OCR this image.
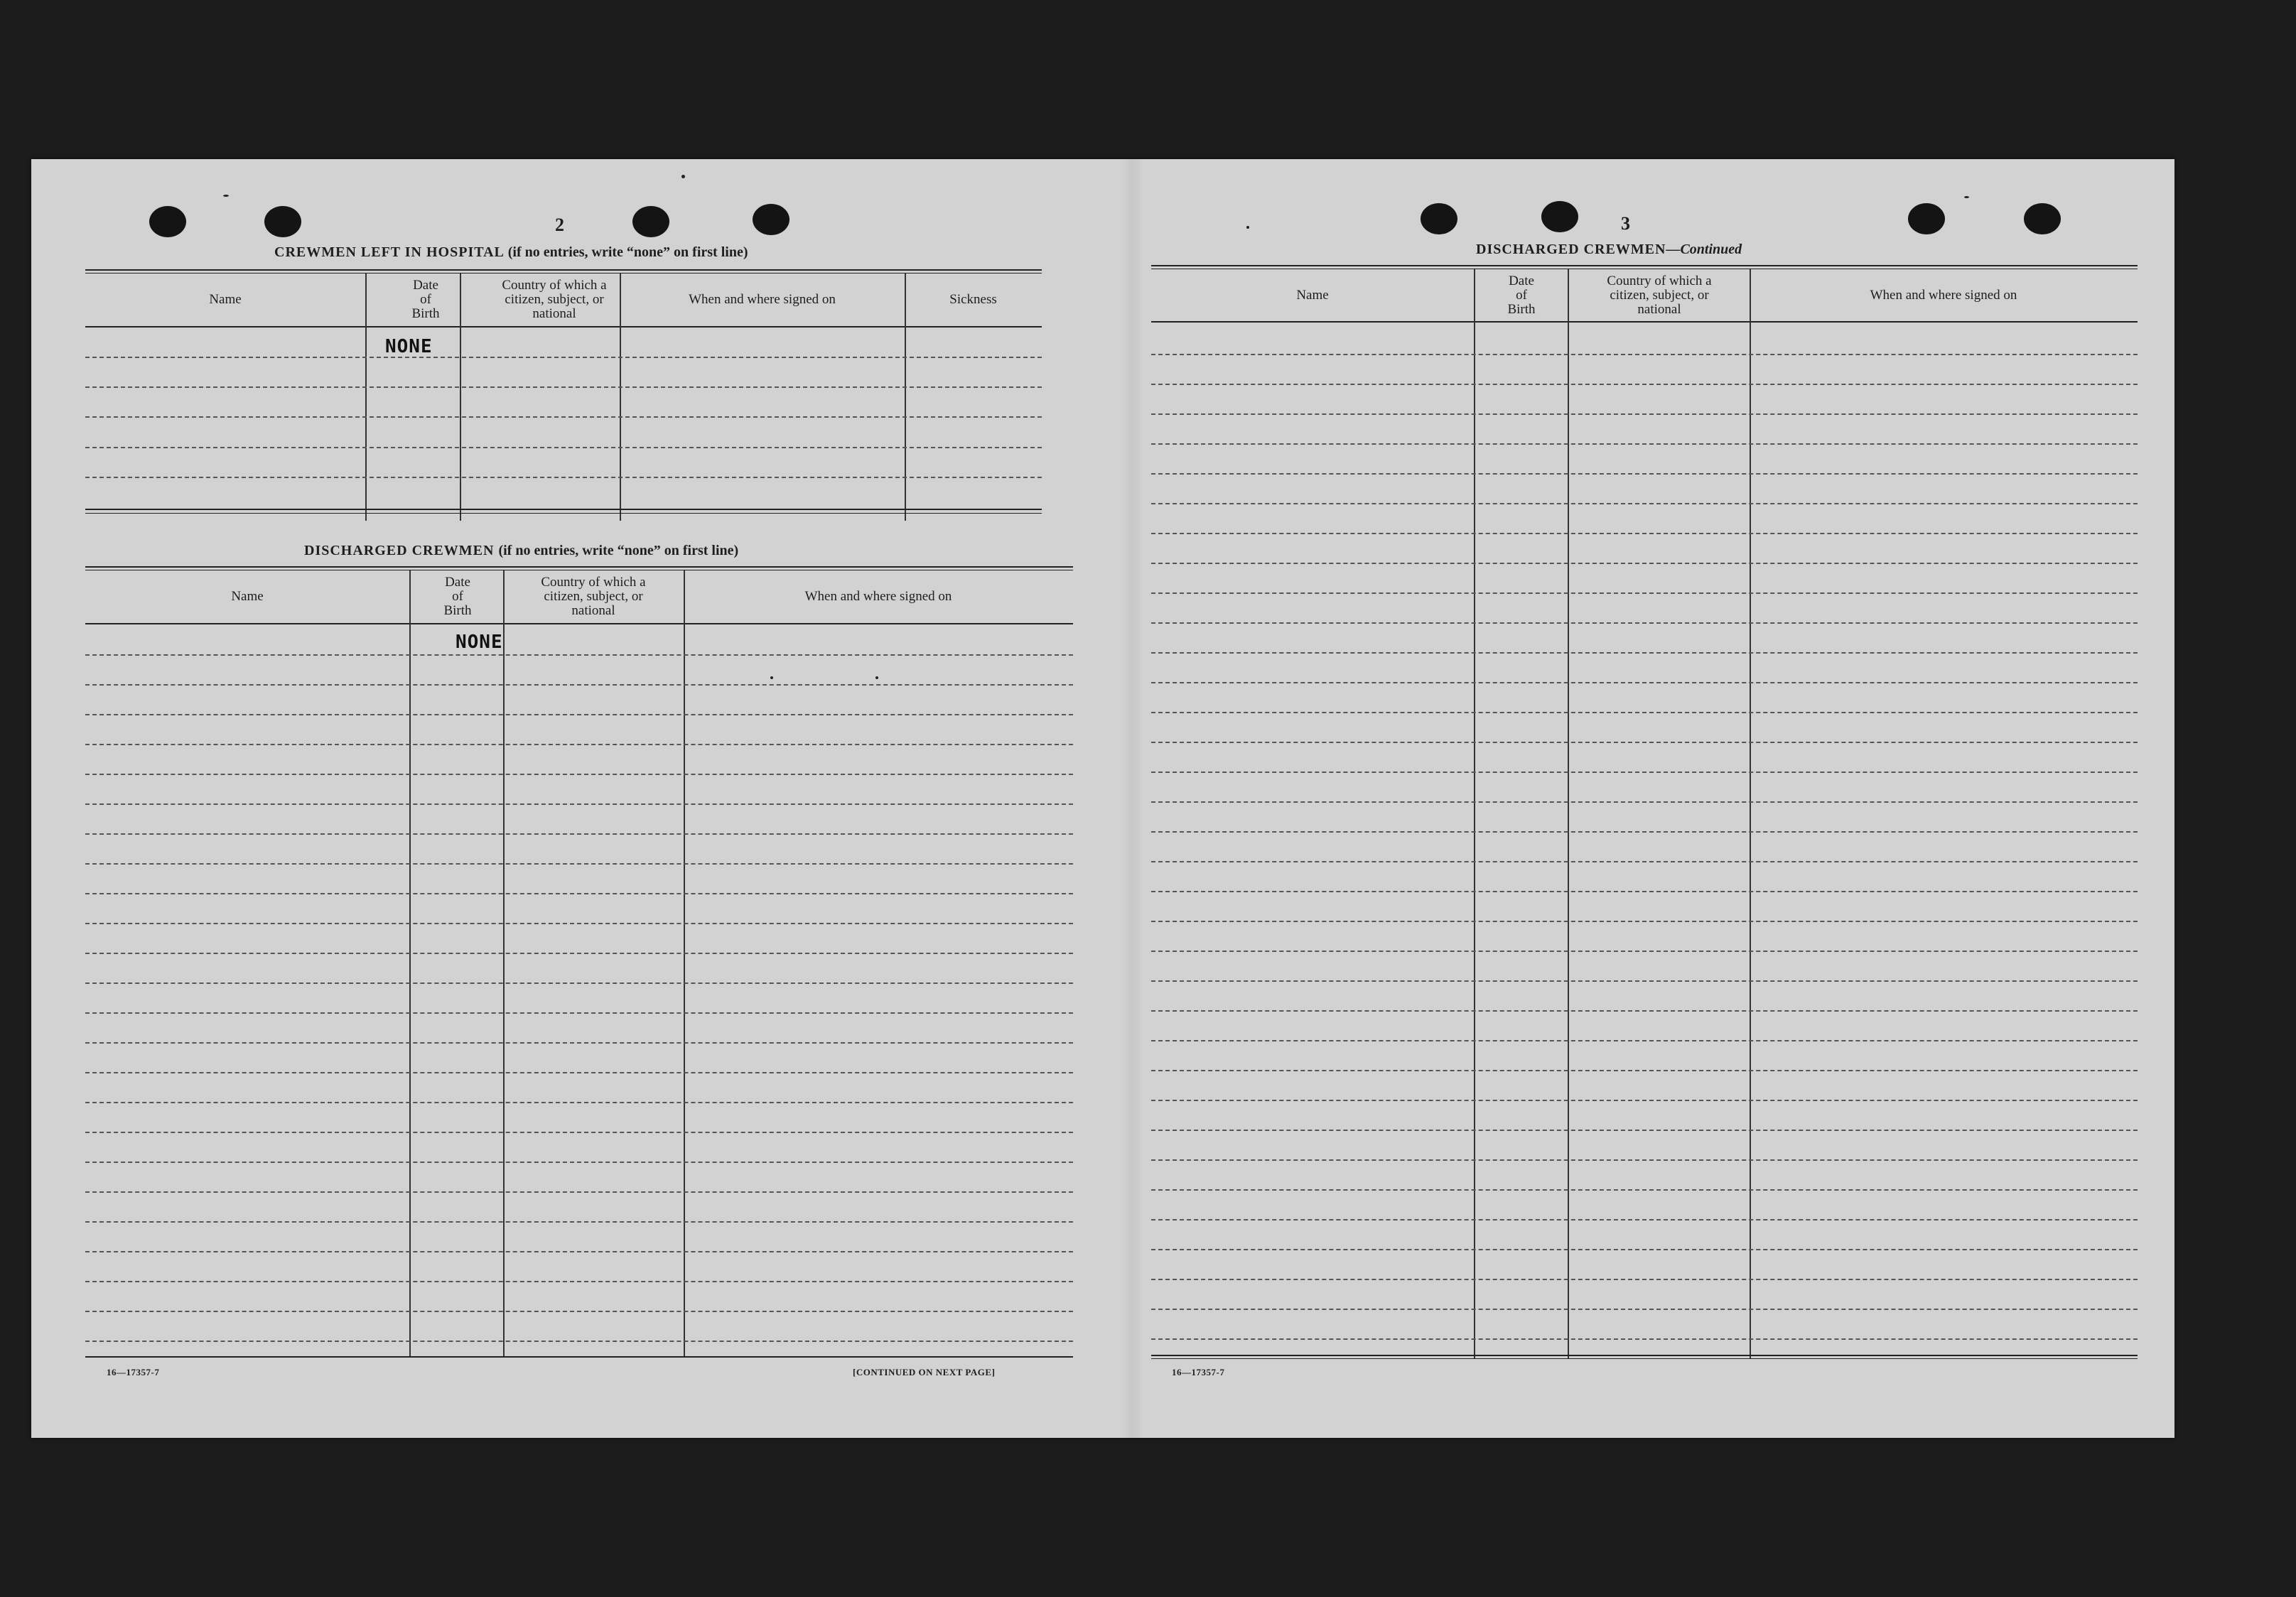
2
CREWMEN LEFT IN HOSPITAL (if no entries, write “none” on first line)
Name
Date of Birth
Country of which a citizen, subject, or national
When and where signed on	Sickness
NONE
DISCHARGED CREWMEN (if no entries, write “none” on first line)
Name
Date of Birth
Country of which a citizen, subject, or national
When and where signed on
NONE
16—17357-7	[CONTINUED ON NEXT PAGE]
3
DISCHARGED CREWMEN—Continued
Name
Date of Birth
Country of which a citizen, subject, or national
When and where signed on
16—17357-7
